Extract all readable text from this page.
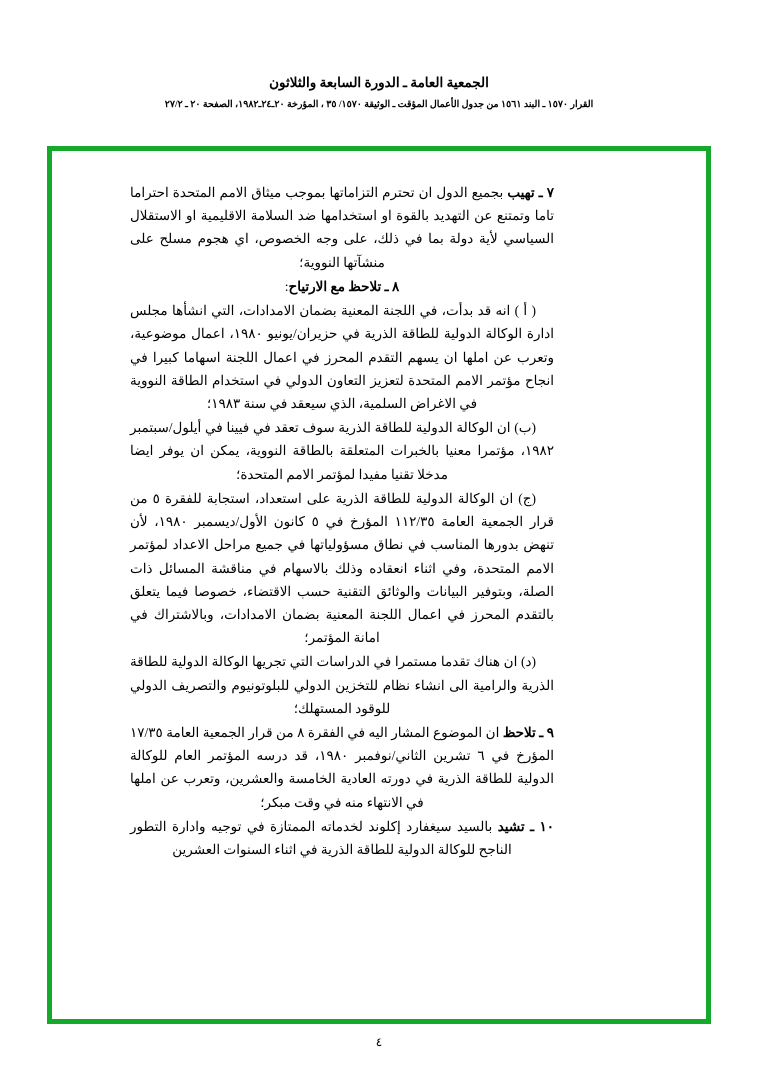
الجمعية العامة ـ الدورة السابعة والثلاثون
القرار ١٥٧٠ ـ البند ١٥٦١ من جدول الأعمال المؤقت ـ الوثيقة ١٥٧٠/ ٣٥ ، المؤرخة ٢٠ـ٢٤ـ١٩٨٢، الصفحة ٢٠ ـ ٢٧/٢

٧ ـ تهيب بجميع الدول ان تحترم التزاماتها بموجب ميثاق الامم المتحدة احتراما تاما وتمتنع عن التهديد بالقوة او استخدامها ضد السلامة الاقليمية او الاستقلال السياسي لأية دولة بما في ذلك، على وجه الخصوص، اي هجوم مسلح على منشآتها النووية؛

٨ ـ تلاحظ مع الارتياح:

( أ ) انه قد بدأت، في اللجنة المعنية بضمان الامدادات، التي انشأها مجلس ادارة الوكالة الدولية للطاقة الذرية في حزيران/يونيو ١٩٨٠، اعمال موضوعية، وتعرب عن املها ان يسهم التقدم المحرز في اعمال اللجنة اسهاما كبيرا في انجاح مؤتمر الامم المتحدة لتعزيز التعاون الدولي في استخدام الطاقة النووية في الاغراض السلمية، الذي سيعقد في سنة ١٩٨٣؛

(ب) ان الوكالة الدولية للطاقة الذرية سوف تعقد في فيينا في أيلول/سبتمبر ١٩٨٢، مؤتمرا معنيا بالخبرات المتعلقة بالطاقة النووية، يمكن ان يوفر ايضا مدخلا تقنيا مفيدا لمؤتمر الامم المتحدة؛

(ج) ان الوكالة الدولية للطاقة الذرية على استعداد، استجابة للفقرة ٥ من قرار الجمعية العامة ١١٢/٣٥ المؤرخ في ٥ كانون الأول/ديسمبر ١٩٨٠، لأن تنهض بدورها المناسب في نطاق مسؤولياتها في جميع مراحل الاعداد لمؤتمر الامم المتحدة، وفي اثناء انعقاده وذلك بالاسهام في مناقشة المسائل ذات الصلة، وبتوفير البيانات والوثائق التقنية حسب الاقتضاء، خصوصا فيما يتعلق بالتقدم المحرز في اعمال اللجنة المعنية بضمان الامدادات، وبالاشتراك في امانة المؤتمر؛

(د) ان هناك تقدما مستمرا في الدراسات التي تجريها الوكالة الدولية للطاقة الذرية والرامية الى انشاء نظام للتخزين الدولي للبلوتونيوم والتصريف الدولي للوقود المستهلك؛

٩ ـ تلاحظ ان الموضوع المشار اليه في الفقرة ٨ من قرار الجمعية العامة ١٧/٣٥ المؤرخ في ٦ تشرين الثاني/نوفمبر ١٩٨٠، قد درسه المؤتمر العام للوكالة الدولية للطاقة الذرية في دورته العادية الخامسة والعشرين، وتعرب عن املها في الانتهاء منه في وقت مبكر؛

١٠ ـ تشيد بالسيد سيغفارد إكلوند لخدماته الممتازة في توجيه وادارة التطور الناجح للوكالة الدولية للطاقة الذرية في اثناء السنوات العشرين

٤
